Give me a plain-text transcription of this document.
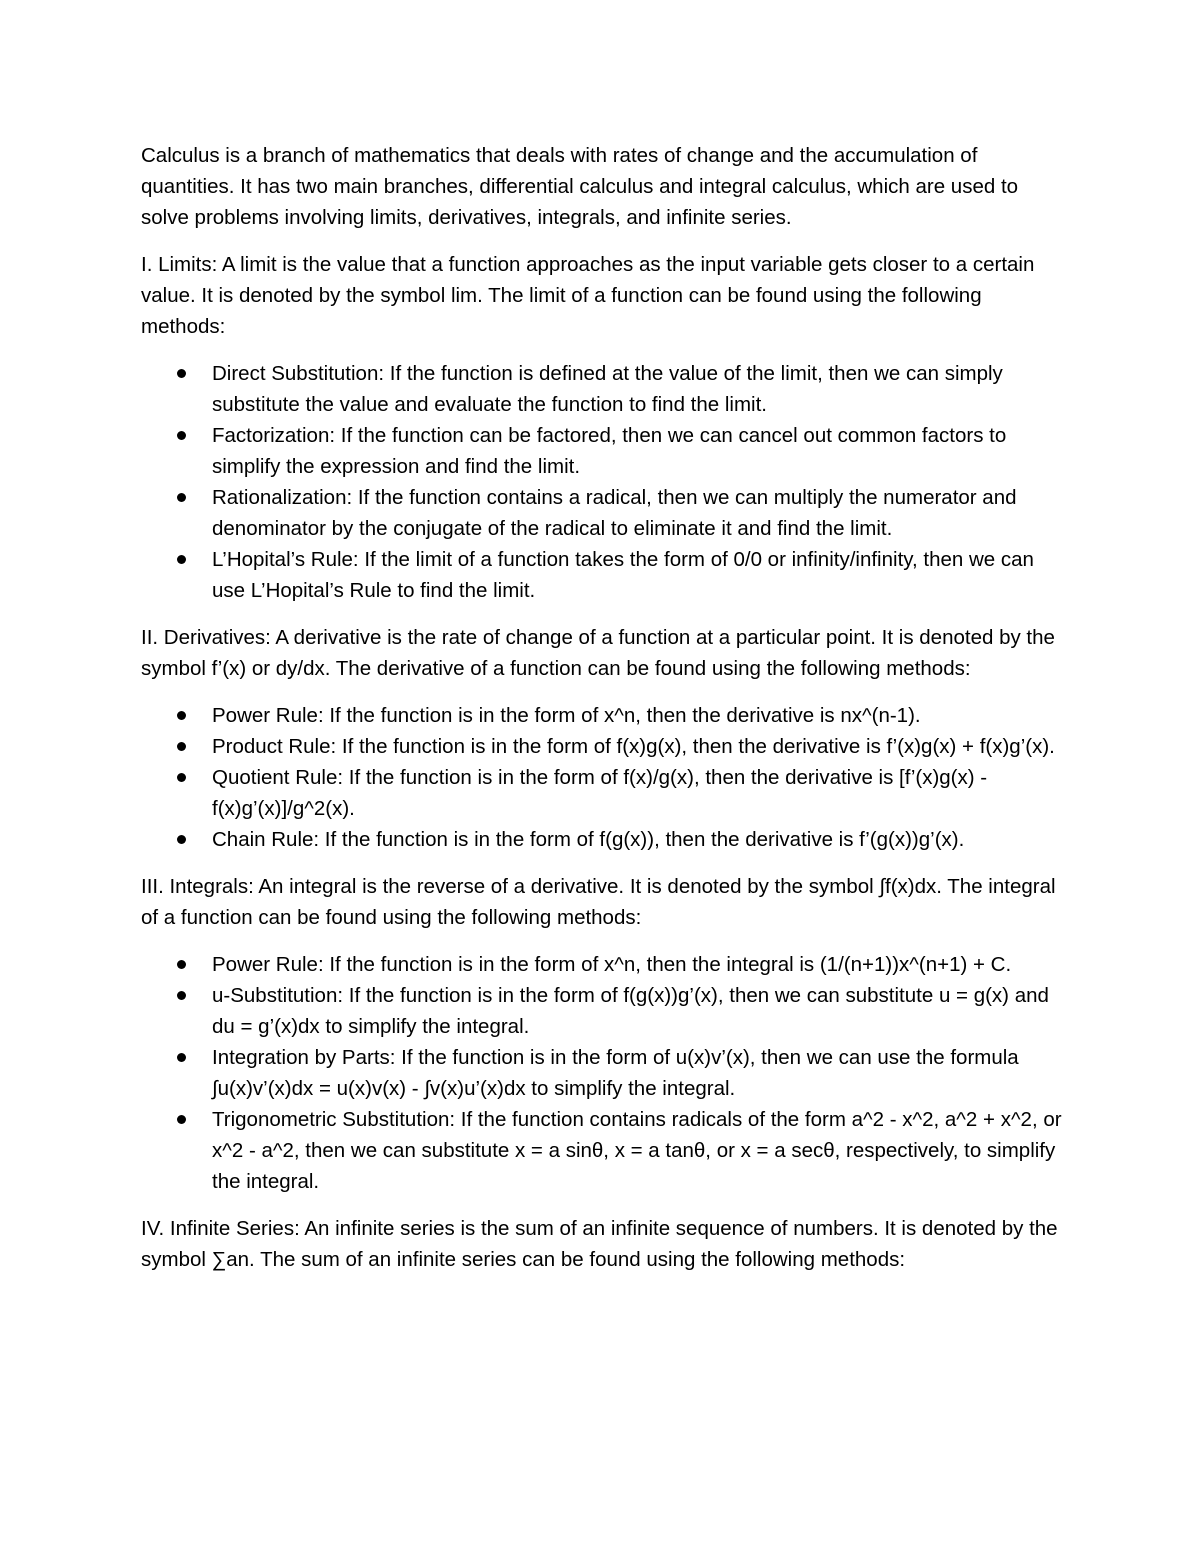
Calculus is a branch of mathematics that deals with rates of change and the accumulation of quantities. It has two main branches, differential calculus and integral calculus, which are used to solve problems involving limits, derivatives, integrals, and infinite series.

I. Limits: A limit is the value that a function approaches as the input variable gets closer to a certain value. It is denoted by the symbol lim. The limit of a function can be found using the following methods:

Direct Substitution: If the function is defined at the value of the limit, then we can simply substitute the value and evaluate the function to find the limit.
Factorization: If the function can be factored, then we can cancel out common factors to simplify the expression and find the limit.
Rationalization: If the function contains a radical, then we can multiply the numerator and denominator by the conjugate of the radical to eliminate it and find the limit.
L’Hopital’s Rule: If the limit of a function takes the form of 0/0 or infinity/infinity, then we can use L’Hopital’s Rule to find the limit.

II. Derivatives: A derivative is the rate of change of a function at a particular point. It is denoted by the symbol f’(x) or dy/dx. The derivative of a function can be found using the following methods:

Power Rule: If the function is in the form of x^n, then the derivative is nx^(n-1).
Product Rule: If the function is in the form of f(x)g(x), then the derivative is f’(x)g(x) + f(x)g’(x).
Quotient Rule: If the function is in the form of f(x)/g(x), then the derivative is [f’(x)g(x) - f(x)g’(x)]/g^2(x).
Chain Rule: If the function is in the form of f(g(x)), then the derivative is f’(g(x))g’(x).

III. Integrals: An integral is the reverse of a derivative. It is denoted by the symbol ∫f(x)dx. The integral of a function can be found using the following methods:

Power Rule: If the function is in the form of x^n, then the integral is (1/(n+1))x^(n+1) + C.
u-Substitution: If the function is in the form of f(g(x))g’(x), then we can substitute u = g(x) and du = g’(x)dx to simplify the integral.
Integration by Parts: If the function is in the form of u(x)v’(x), then we can use the formula ∫u(x)v’(x)dx = u(x)v(x) - ∫v(x)u’(x)dx to simplify the integral.
Trigonometric Substitution: If the function contains radicals of the form a^2 - x^2, a^2 + x^2, or x^2 - a^2, then we can substitute x = a sinθ, x = a tanθ, or x = a secθ, respectively, to simplify the integral.

IV. Infinite Series: An infinite series is the sum of an infinite sequence of numbers. It is denoted by the symbol ∑an. The sum of an infinite series can be found using the following methods:
